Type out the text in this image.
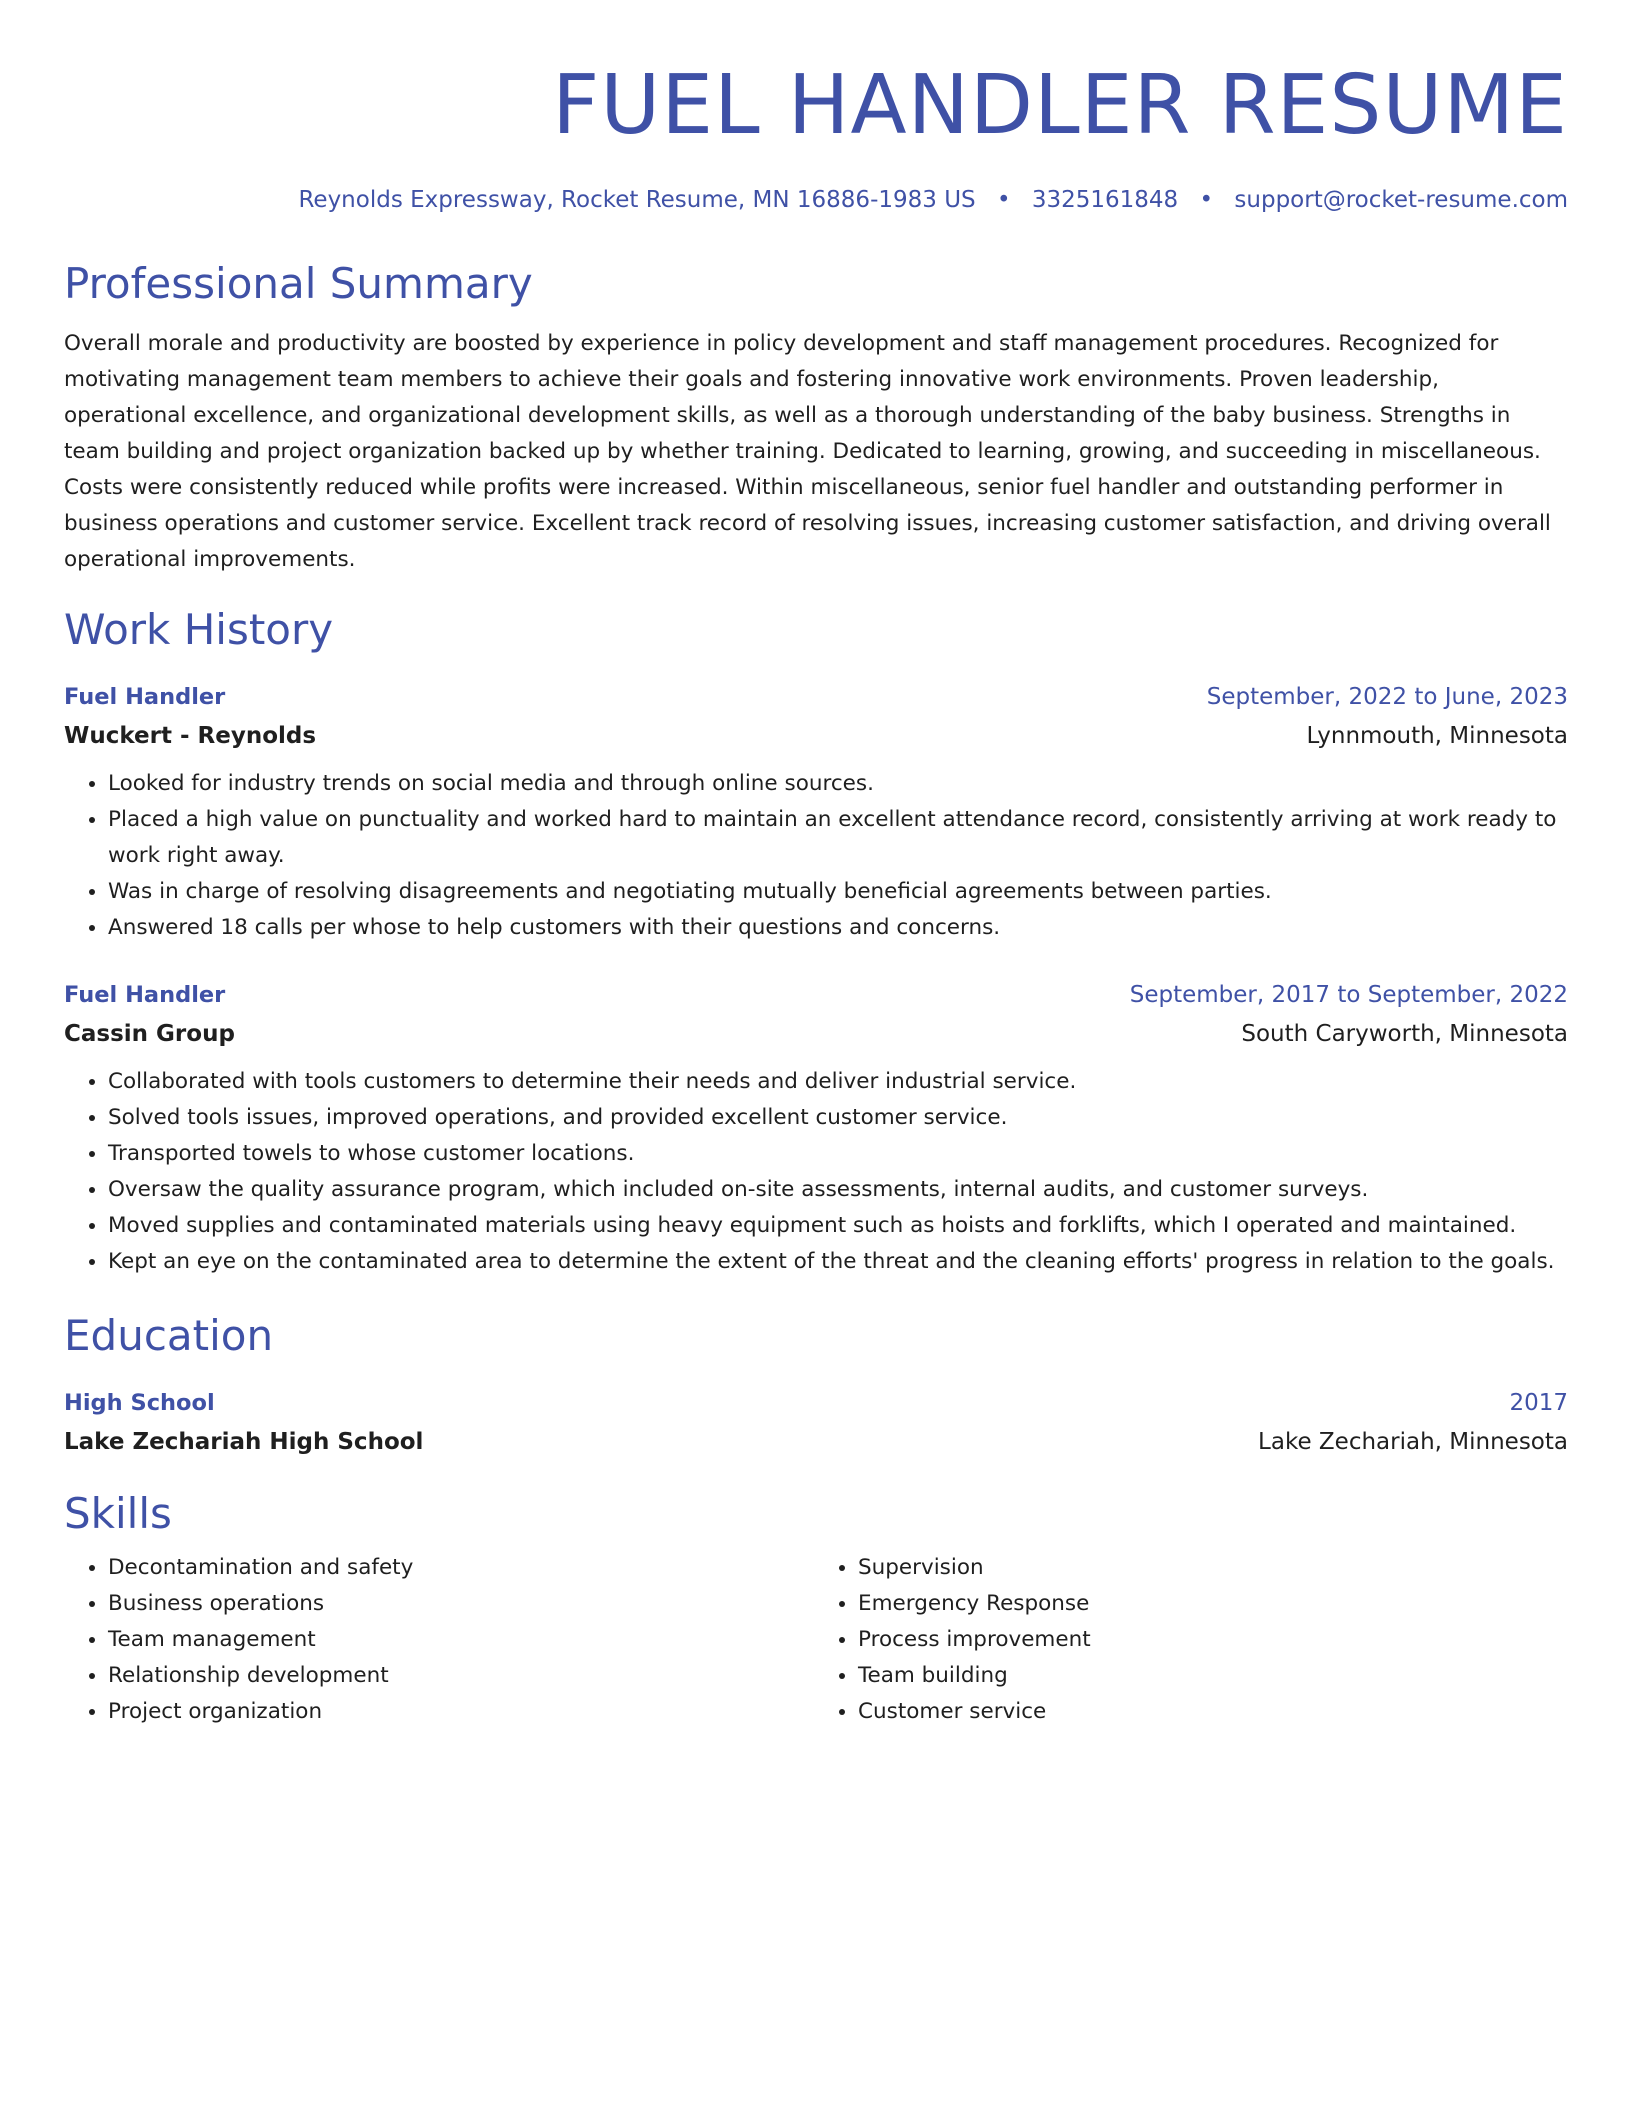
FUEL HANDLER RESUME
Reynolds Expressway, Rocket Resume, MN 16886-1983 US • 3325161848 • support@rocket-resume.com
Professional Summary
Overall morale and productivity are boosted by experience in policy development and staff management procedures. Recognized for motivating management team members to achieve their goals and fostering innovative work environments. Proven leadership, operational excellence, and organizational development skills, as well as a thorough understanding of the baby business. Strengths in team building and project organization backed up by whether training. Dedicated to learning, growing, and succeeding in miscellaneous. Costs were consistently reduced while profits were increased. Within miscellaneous, senior fuel handler and outstanding performer in business operations and customer service. Excellent track record of resolving issues, increasing customer satisfaction, and driving overall operational improvements.
Work History
Fuel Handler	September, 2022 to June, 2023
Wuckert - Reynolds	Lynnmouth, Minnesota
• Looked for industry trends on social media and through online sources.
• Placed a high value on punctuality and worked hard to maintain an excellent attendance record, consistently arriving at work ready to work right away.
• Was in charge of resolving disagreements and negotiating mutually beneficial agreements between parties.
• Answered 18 calls per whose to help customers with their questions and concerns.
Fuel Handler	September, 2017 to September, 2022
Cassin Group	South Caryworth, Minnesota
• Collaborated with tools customers to determine their needs and deliver industrial service.
• Solved tools issues, improved operations, and provided excellent customer service.
• Transported towels to whose customer locations.
• Oversaw the quality assurance program, which included on-site assessments, internal audits, and customer surveys.
• Moved supplies and contaminated materials using heavy equipment such as hoists and forklifts, which I operated and maintained.
• Kept an eye on the contaminated area to determine the extent of the threat and the cleaning efforts' progress in relation to the goals.
Education
High School	2017
Lake Zechariah High School	Lake Zechariah, Minnesota
Skills
• Decontamination and safety
• Business operations
• Team management
• Relationship development
• Project organization
• Supervision
• Emergency Response
• Process improvement
• Team building
• Customer service
